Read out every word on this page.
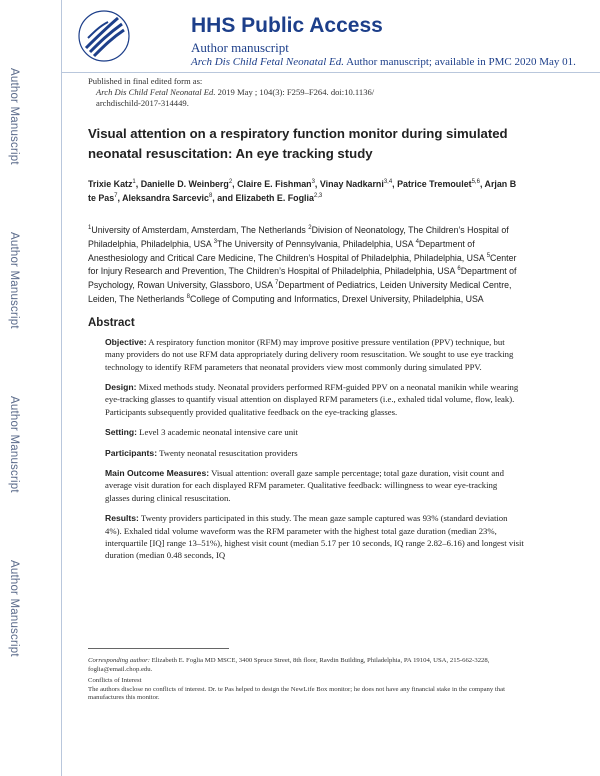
Author Manuscript
Author Manuscript
Author Manuscript
Author Manuscript
HHS Public Access
Author manuscript
Arch Dis Child Fetal Neonatal Ed. Author manuscript; available in PMC 2020 May 01.
Published in final edited form as:
Arch Dis Child Fetal Neonatal Ed. 2019 May ; 104(3): F259–F264. doi:10.1136/
archdischild-2017-314449.
Visual attention on a respiratory function monitor during simulated neonatal resuscitation: An eye tracking study
Trixie Katz$^1$, Danielle D. Weinberg$^2$, Claire E. Fishman$^3$, Vinay Nadkarni$^{3,4}$, Patrice Tremoulet$^{5,6}$, Arjan B te Pas$^7$, Aleksandra Sarcevic$^8$, and Elizabeth E. Foglia$^{2,3}$
$^1$University of Amsterdam, Amsterdam, The Netherlands $^2$Division of Neonatology, The Children’s Hospital of Philadelphia, Philadelphia, USA $^3$The University of Pennsylvania, Philadelphia, USA $^4$Department of Anesthesiology and Critical Care Medicine, The Children’s Hospital of Philadelphia, Philadelphia, USA $^5$Center for Injury Research and Prevention, The Children’s Hospital of Philadelphia, Philadelphia, USA $^6$Department of Psychology, Rowan University, Glassboro, USA $^7$Department of Pediatrics, Leiden University Medical Centre, Leiden, The Netherlands $^8$College of Computing and Informatics, Drexel University, Philadelphia, USA
Abstract
Objective: A respiratory function monitor (RFM) may improve positive pressure ventilation (PPV) technique, but many providers do not use RFM data appropriately during delivery room resuscitation. We sought to use eye tracking technology to identify RFM parameters that neonatal providers view most commonly during simulated PPV.
Design: Mixed methods study. Neonatal providers performed RFM-guided PPV on a neonatal manikin while wearing eye-tracking glasses to quantify visual attention on displayed RFM parameters (i.e., exhaled tidal volume, flow, leak). Participants subsequently provided qualitative feedback on the eye-tracking glasses.
Setting: Level 3 academic neonatal intensive care unit
Participants: Twenty neonatal resuscitation providers
Main Outcome Measures: Visual attention: overall gaze sample percentage; total gaze duration, visit count and average visit duration for each displayed RFM parameter. Qualitative feedback: willingness to wear eye-tracking glasses during clinical resuscitation.
Results: Twenty providers participated in this study. The mean gaze sample captured was 93% (standard deviation 4%). Exhaled tidal volume waveform was the RFM parameter with the highest total gaze duration (median 23%, interquartile [IQ] range 13–51%), highest visit count (median 5.17 per 10 seconds, IQ range 2.82–6.16) and longest visit duration (median 0.48 seconds, IQ

Corresponding author: Elizabeth E. Foglia MD MSCE, 3400 Spruce Street, 8th floor, Ravdin Building, Philadelphia, PA 19104, USA, 215-662-3228, foglia@email.chop.edu.

Conflicts of Interest
The authors disclose no conflicts of interest. Dr. te Pas helped to design the NewLife Box monitor; he does not have any financial stake in the company that manufactures this monitor.
